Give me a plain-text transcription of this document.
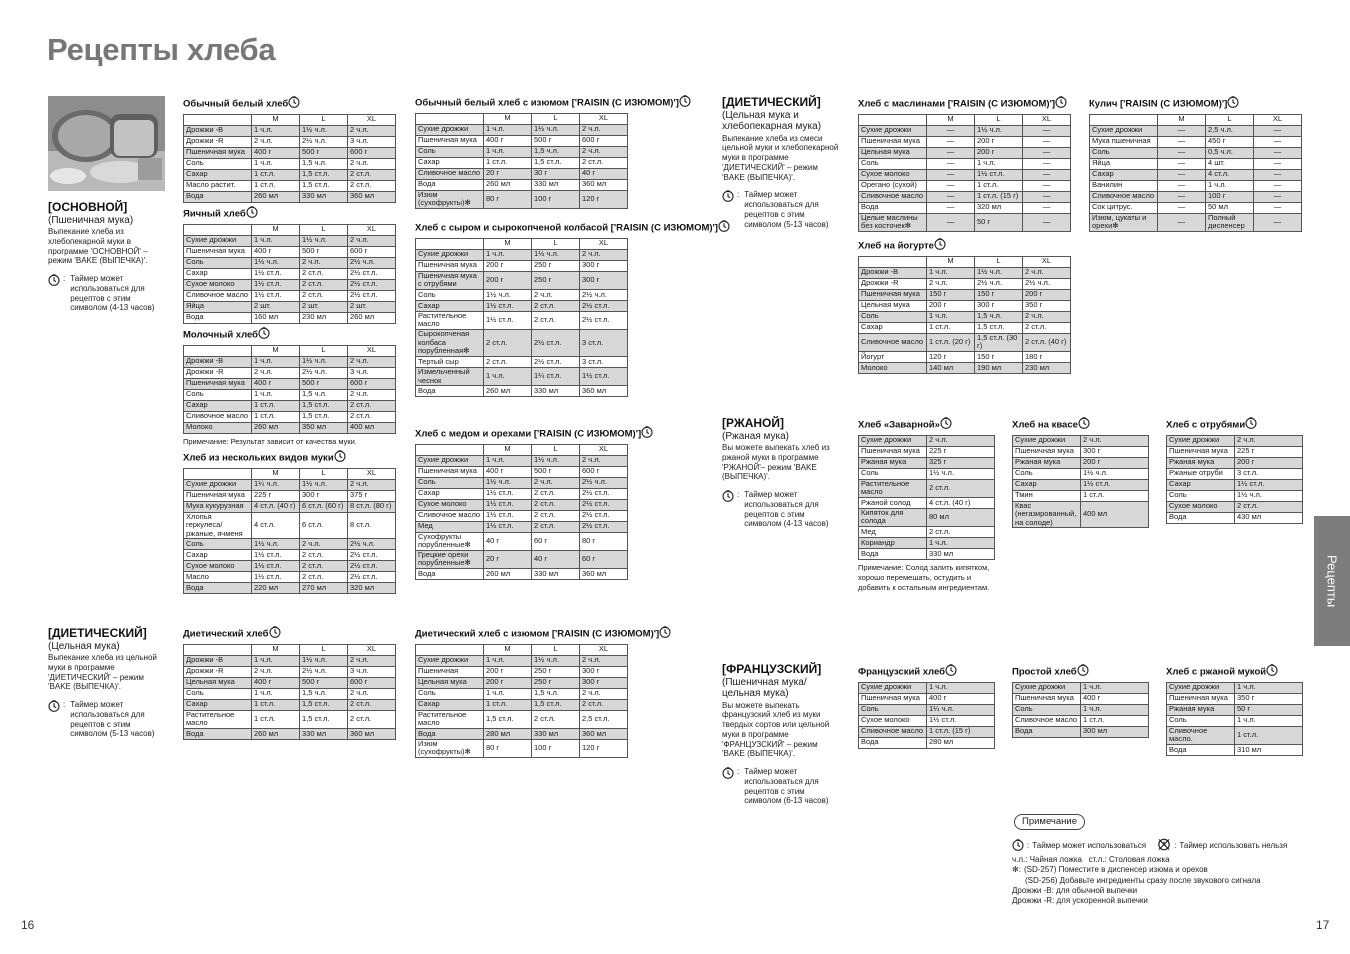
Рецепты хлеба
Рецепты
16	17
[ОСНОВНОЙ]
(Пшеничная мука)
Выпекание хлеба из хлебопекарной муки в программе 'ОСНОВНОЙ' – режим 'BAKE (ВЫПЕЧКА)'.
: Таймер может использоваться для рецептов с этим символом (4-13 часов)
[ДИЕТИЧЕСКИЙ]
(Цельная мука)
Выпекание хлеба из цельной муки в программе 'ДИЕТИЧЕСКИЙ' – режим 'BAKE (ВЫПЕЧКА)'.
: Таймер может использоваться для рецептов с этим символом (5-13 часов)
[ДИЕТИЧЕСКИЙ]
(Цельная мука и хлебопекарная мука)
Выпекание хлеба из смеси цельной муки и хлебопекарной муки в программе 'ДИЕТИЧЕСКИЙ' – режим 'BAKE (ВЫПЕЧКА)'.
: Таймер может использоваться для рецептов с этим символом (5-13 часов)
[РЖАНОЙ]
(Ржаная мука)
Вы можете выпекать хлеб из ржаной муки в программе 'РЖАНОЙ'– режим 'BAKE (ВЫПЕЧКА)'.
: Таймер может использоваться для рецептов с этим символом (4-13 часов)
[ФРАНЦУЗСКИЙ]
(Пшеничная мука/цельная мука)
Вы можете выпекать французский хлеб из муки твердых сортов или цельной муки в программе 'ФРАНЦУЗСКИЙ' – режим 'BAKE (ВЫПЕЧКА)'.
: Таймер может использоваться для рецептов с этим символом (6-13 часов)
Обычный белый хлеб
	M	L	XL
Дрожжи -B	1 ч.л.	1½ ч.л.	2 ч.л.
Дрожжи -R	2 ч.л.	2½ ч.л.	3 ч.л.
Пшеничная мука	400 г	500 г	600 г
Соль	1 ч.л.	1,5 ч.л.	2 ч.л.
Сахар	1 ст.л.	1,5 ст.л.	2 ст.л.
Масло растит.	1 ст.л.	1,5 ст.л.	2 ст.л.
Вода	260 мл	330 мл	360 мл
Яичный хлеб
	M	L	XL
Сухие дрожжи	1 ч.л.	1½ ч.л.	2 ч.л.
Пшеничная мука	400 г	500 г	600 г
Соль	1½ ч.л.	2 ч.л.	2½ ч.л.
Сахар	1½ ст.л.	2 ст.л.	2½ ст.л.
Сухое молоко	1½ ст.л.	2 ст.л.	2½ ст.л.
Сливочное масло	1½ ст.л.	2 ст.л.	2½ ст.л.
Яйца	2 шт.	2 шт.	2 шт.
Вода	160 мл	230 мл	260 мл
Молочный хлеб
	M	L	XL
Дрожжи -B	1 ч.л.	1½ ч.л.	2 ч.л.
Дрожжи -R	2 ч.л.	2½ ч.л.	3 ч.л.
Пшеничная мука	400 г	500 г	600 г
Соль	1 ч.л.	1,5 ч.л.	2 ч.л.
Сахар	1 ст.л.	1,5 ст.л.	2 ст.л.
Сливочное масло	1 ст.л.	1,5 ст.л.	2 ст.л.
Молоко	260 мл	350 мл	400 мл
Примечание: Результат зависит от качества муки.
Хлеб из нескольких видов муки
	M	L	XL
Сухие дрожжи	1¼ ч.л.	1½ ч.л.	2 ч.л.
Пшеничная мука	225 г	300 г	375 г
Мука кукурузная	4 ст.л. (40 г)	6 ст.л. (60 г)	8 ст.л. (80 г)
Хлопья геркулеса/ ржаные, ячменя	4 ст.л.	6 ст.л.	8 ст.л.
Соль	1½ ч.л.	2 ч.л.	2½ ч.л.
Сахар	1½ ст.л.	2 ст.л.	2½ ст.л.
Сухое молоко	1½ ст.л.	2 ст.л.	2½ ст.л.
Масло	1½ ст.л.	2 ст.л.	2½ ст.л.
Вода	220 мл	270 мл	320 мл
Обычный белый хлеб с изюмом ['RAISIN (С ИЗЮМОМ)']
	M	L	XL
Сухие дрожжи	1 ч.л.	1½ ч.л.	2 ч.л.
Пшеничная мука	400 г	500 г	600 г
Соль	1 ч.л.	1,5 ч.л.	2 ч.л.
Сахар	1 ст.л.	1,5 ст.л.	2 ст.л.
Сливочное масло	20 г	30 г	40 г
Вода	260 мл	330 мл	360 мл
Изюм (сухофрукты)✻	80 г	100 г	120 г
Хлеб с сыром и сырокопченой колбасой ['RAISIN (С ИЗЮМОМ)']
	M	L	XL
Сухие дрожжи	1 ч.л.	1½ ч.л.	2 ч.л.
Пшеничная мука	200 г	250 г	300 г
Пшеничная мука с отрубями	200 г	250 г	300 г
Соль	1½ ч.л.	2 ч.л.	2½ ч.л.
Сахар	1½ ст.л.	2 ст.л.	2½ ст.л.
Растительное масло	1½ ст.л.	2 ст.л.	2½ ст.л.
Сырокопченая колбаса порубленная✻	2 ст.л.	2½ ст.л.	3 ст.л.
Тертый сыр	2 ст.л.	2½ ст.л.	3 ст.л.
Измельченный чеснок	1 ч.л.	1¼ ст.л.	1½ ст.л.
Вода	260 мл	330 мл	360 мл
Хлеб с медом и орехами ['RAISIN (С ИЗЮМОМ)']
	M	L	XL
Сухие дрожжи	1 ч.л.	1½ ч.л.	2 ч.л.
Пшеничная мука	400 г	500 г	600 г
Соль	1½ ч.л.	2 ч.л.	2½ ч.л.
Сахар	1½ ст.л.	2 ст.л.	2½ ст.л.
Сухое молоко	1½ ст.л.	2 ст.л.	2½ ст.л.
Сливочное масло	1½ ст.л.	2 ст.л.	2½ ст.л.
Мед	1½ ст.л.	2 ст.л.	2½ ст.л.
Сухофрукты порубленные✻	40 г	60 г	80 г
Грецкие орехи порубленные✻	20 г	40 г	60 г
Вода	260 мл	330 мл	360 мл
Диетический хлеб
	M	L	XL
Дрожжи -B	1 ч.л.	1½ ч.л.	2 ч.л.
Дрожжи -R	2 ч.л.	2½ ч.л.	3 ч.л.
Цельная мука	400 г	500 г	600 г
Соль	1 ч.л.	1,5 ч.л.	2 ч.л.
Сахар	1 ст.л.	1,5 ст.л.	2 ст.л.
Растительное масло	1 ст.л.	1,5 ст.л.	2 ст.л.
Вода	260 мл	330 мл	360 мл
Диетический хлеб с изюмом ['RAISIN (С ИЗЮМОМ)']
	M	L	XL
Сухие дрожжи	1 ч.л.	1½ ч.л.	2 ч.л.
Пшеничная	200 г	250 г	300 г
Цельная мука	200 г	250 г	300 г
Соль	1 ч.л.	1,5 ч.л.	2 ч.л.
Сахар	1 ст.л.	1,5 ст.л.	2 ст.л.
Растительное масло	1,5 ст.л.	2 ст.л.	2,5 ст.л.
Вода	280 мл	330 мл	360 мл
Изюм (сухофрукты)✻	80 г	100 г	120 г
Хлеб с маслинами ['RAISIN (С ИЗЮМОМ)']
	M	L	XL
Сухие дрожжи	—	1½ ч.л.	—
Пшеничная мука	—	200 г	—
Цельная мука	—	200 г	—
Соль	—	1 ч.л.	—
Сухое молоко	—	1½ ст.л.	—
Орегано (сухой)	—	1 ст.л.	—
Сливочное масло	—	1 ст.л. (15 г)	—
Вода	—	320 мл	—
Целые маслины без косточек✻	—	50 г	—
Кулич ['RAISIN (С ИЗЮМОМ)']
	M	L	XL
Сухие дрожжи	—	2,5 ч.л.	—
Мука пшеничная	—	450 г	—
Соль	—	0,5 ч.л.	—
Яйца	—	4 шт.	—
Сахар	—	4 ст.л.	—
Ванилин	—	1 ч.л.	—
Сливочное масло	—	100 г	—
Сок цитрус.	—	50 мл	—
Изюм, цукаты и орехи✻	—	Полный диспенсер	—
Хлеб на йогурте
	M	L	XL
Дрожжи -B	1 ч.л.	1½ ч.л.	2 ч.л.
Дрожжи -R	2 ч.л.	2½ ч.л.	2½ ч.л.
Пшеничная мука	150 г	150 г	200 г
Цельная мука	200 г	300 г	350 г
Соль	1 ч.л.	1,5 ч.л.	2 ч.л.
Сахар	1 ст.л.	1,5 ст.л.	2 ст.л.
Сливочное масло	1 ст.л. (20 г)	1,5 ст.л. (30 г)	2 ст.л. (40 г)
Йогурт	120 г	150 г	180 г
Молоко	140 мл	190 мл	230 мл
Хлеб «Заварной»
Сухие дрожжи	2 ч.л.
Пшеничная мука	225 г
Ржаная мука	325 г
Соль	1½ ч.л.
Растительное масло	2 ст.л.
Ржаной солод	4 ст.л. (40 г)
Кипяток для солода	80 мл
Мед	2 ст.л.
Кориандр	1 ч.л.
Вода	330 мл
Примечание: Солод залить кипятком, хорошо перемешать, остудить и добавить к остальным ингредиентам.
Хлеб на квасе
Сухие дрожжи	2 ч.л.
Пшеничная мука	300 г
Ржаная мука	200 г
Соль	1½ ч.л.
Сахар	1½ ст.л.
Тмин	1 ст.л.
Квас (негазированный, на солоде)	400 мл
Хлеб с отрубями
Сухие дрожжи	2 ч.л.
Пшеничная мука	225 г
Ржаная мука	200 г
Ржаные отруби	3 ст.л.
Сахар	1½ ст.л.
Соль	1½ ч.л.
Сухое молоко	2 ст.л.
Вода	430 мл
Французский хлеб
Сухие дрожжи	1 ч.л.
Пшеничная мука	400 г
Соль	1¼ ч.л.
Сухое молоко	1½ ст.л.
Сливочное масло	1 ст.л. (15 г)
Вода	280 мл
Простой хлеб
Сухие дрожжи	1 ч.л.
Пшеничная мука	400 г
Соль	1 ч.л.
Сливочное масло	1 ст.л.
Вода	300 мл
Хлеб с ржаной мукой
Сухие дрожжи	1 ч.л.
Пшеничная мука	350 г
Ржаная мука	50 г
Соль	1 ч.л.
Сливочное масло.	1 ст.л.
Вода	310 мл
Примечание
: Таймер может использоваться	: Таймер использовать нельзя
ч.л.: Чайная ложка   ст.л.: Столовая ложка
✻: (SD-257) Поместите в диспенсер изюма и орехов
(SD-256) Добавьте ингредиенты сразу после звукового сигнала
Дрожжи -B: для обычной выпечки
Дрожжи -R: для ускоренной выпечки
